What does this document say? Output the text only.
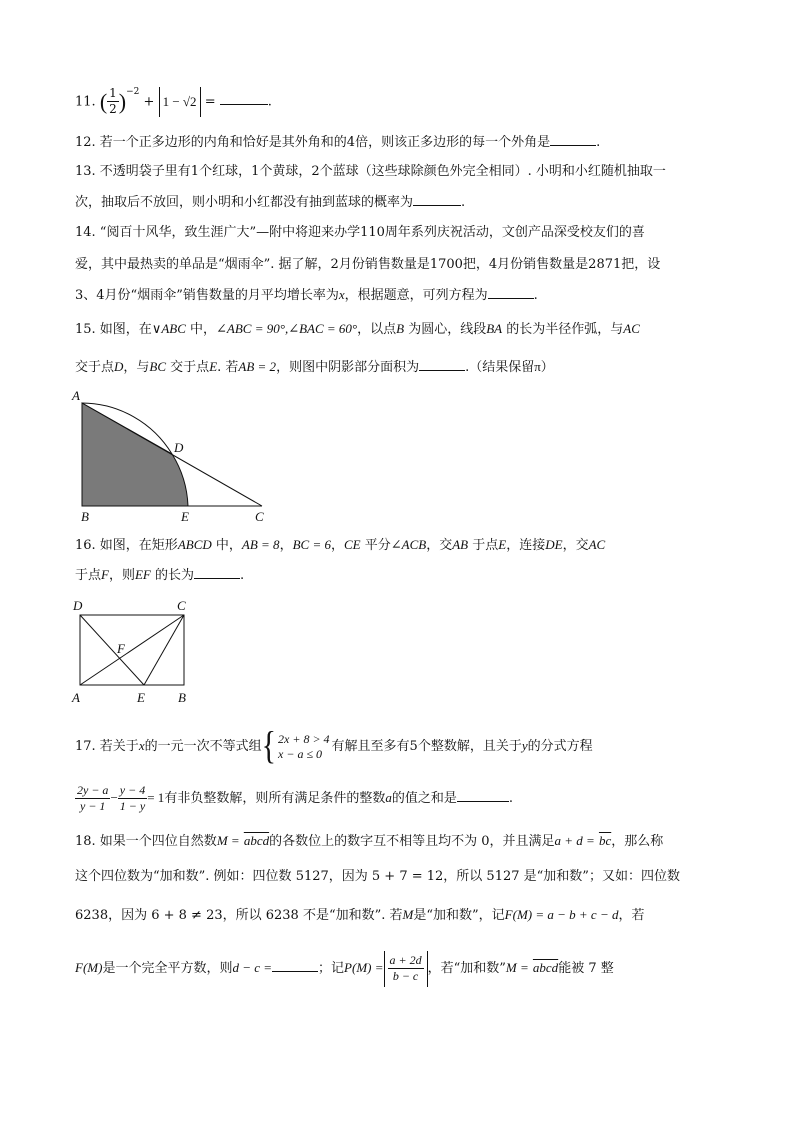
11. ( $\frac{1}{2} )^{-2} + 1 - √2$ =	.
12. 若一个正多边形的内角和恰好是其外角和的4倍，则该正多边形的每一个外角是	.
13. 不透明袋子里有1个红球，1个黄球，2个蓝球（这些球除颜色外完全相同）. 小明和小红随机抽取一
次，抽取后不放回，则小明和小红都没有抽到蓝球的概率为	.
14. “阅百十风华，致生涯广大”—附中将迎来办学110周年系列庆祝活动，文创产品深受校友们的喜
爱，其中最热卖的单品是“烟雨伞”. 据了解，2月份销售数量是1700把，4月份销售数量是2871把，设
3、4月份“烟雨伞”销售数量的月平均增长率为x，根据题意，可列方程为	.
15. 如图，在∨ABC 中，∠ABC = 90°,∠BAC = 60°，以点B 为圆心，线段BA 的长为半径作弧，与AC
交于点D，与BC 交于点E. 若AB = 2，则图中阴影部分面积为	.（结果保留π）
A
D
B	E	C
16. 如图，在矩形ABCD 中，AB = 8，BC = 6，CE 平分∠ACB，交AB 于点E，连接DE，交AC
于点F，则EF 的长为	.
D	C
F
A	E	B
17. 若关于x的一元一次不等式组{ 2x + 8 > 4
x − a ≤ 0 有解且至多有5个整数解，且关于y的分式方程
$\frac{2y - a}{y - 1} - \frac{y - 4}{1 - y} = 1$有非负整数解，则所有满足条件的整数a的值之和是	.
18. 如果一个四位自然数M = abcd的各数位上的数字互不相等且均不为 0，并且满足$a + d = \overline{bc}$，那么称
这个四位数为“加和数”. 例如：四位数 5127，因为 5 + 7 = 12，所以 5127 是“加和数”；又如：四位数
6238，因为 6 + 8 ≠ 23，所以 6238 不是“加和数”. 若M是“加和数”，记F(M) = a − b + c − d，若
F(M)是一个完全平方数，则d − c =	；记$P(M) = \frac{a + 2d}{b - c}$ ，若“加和数”M = abcd能被 7 整
